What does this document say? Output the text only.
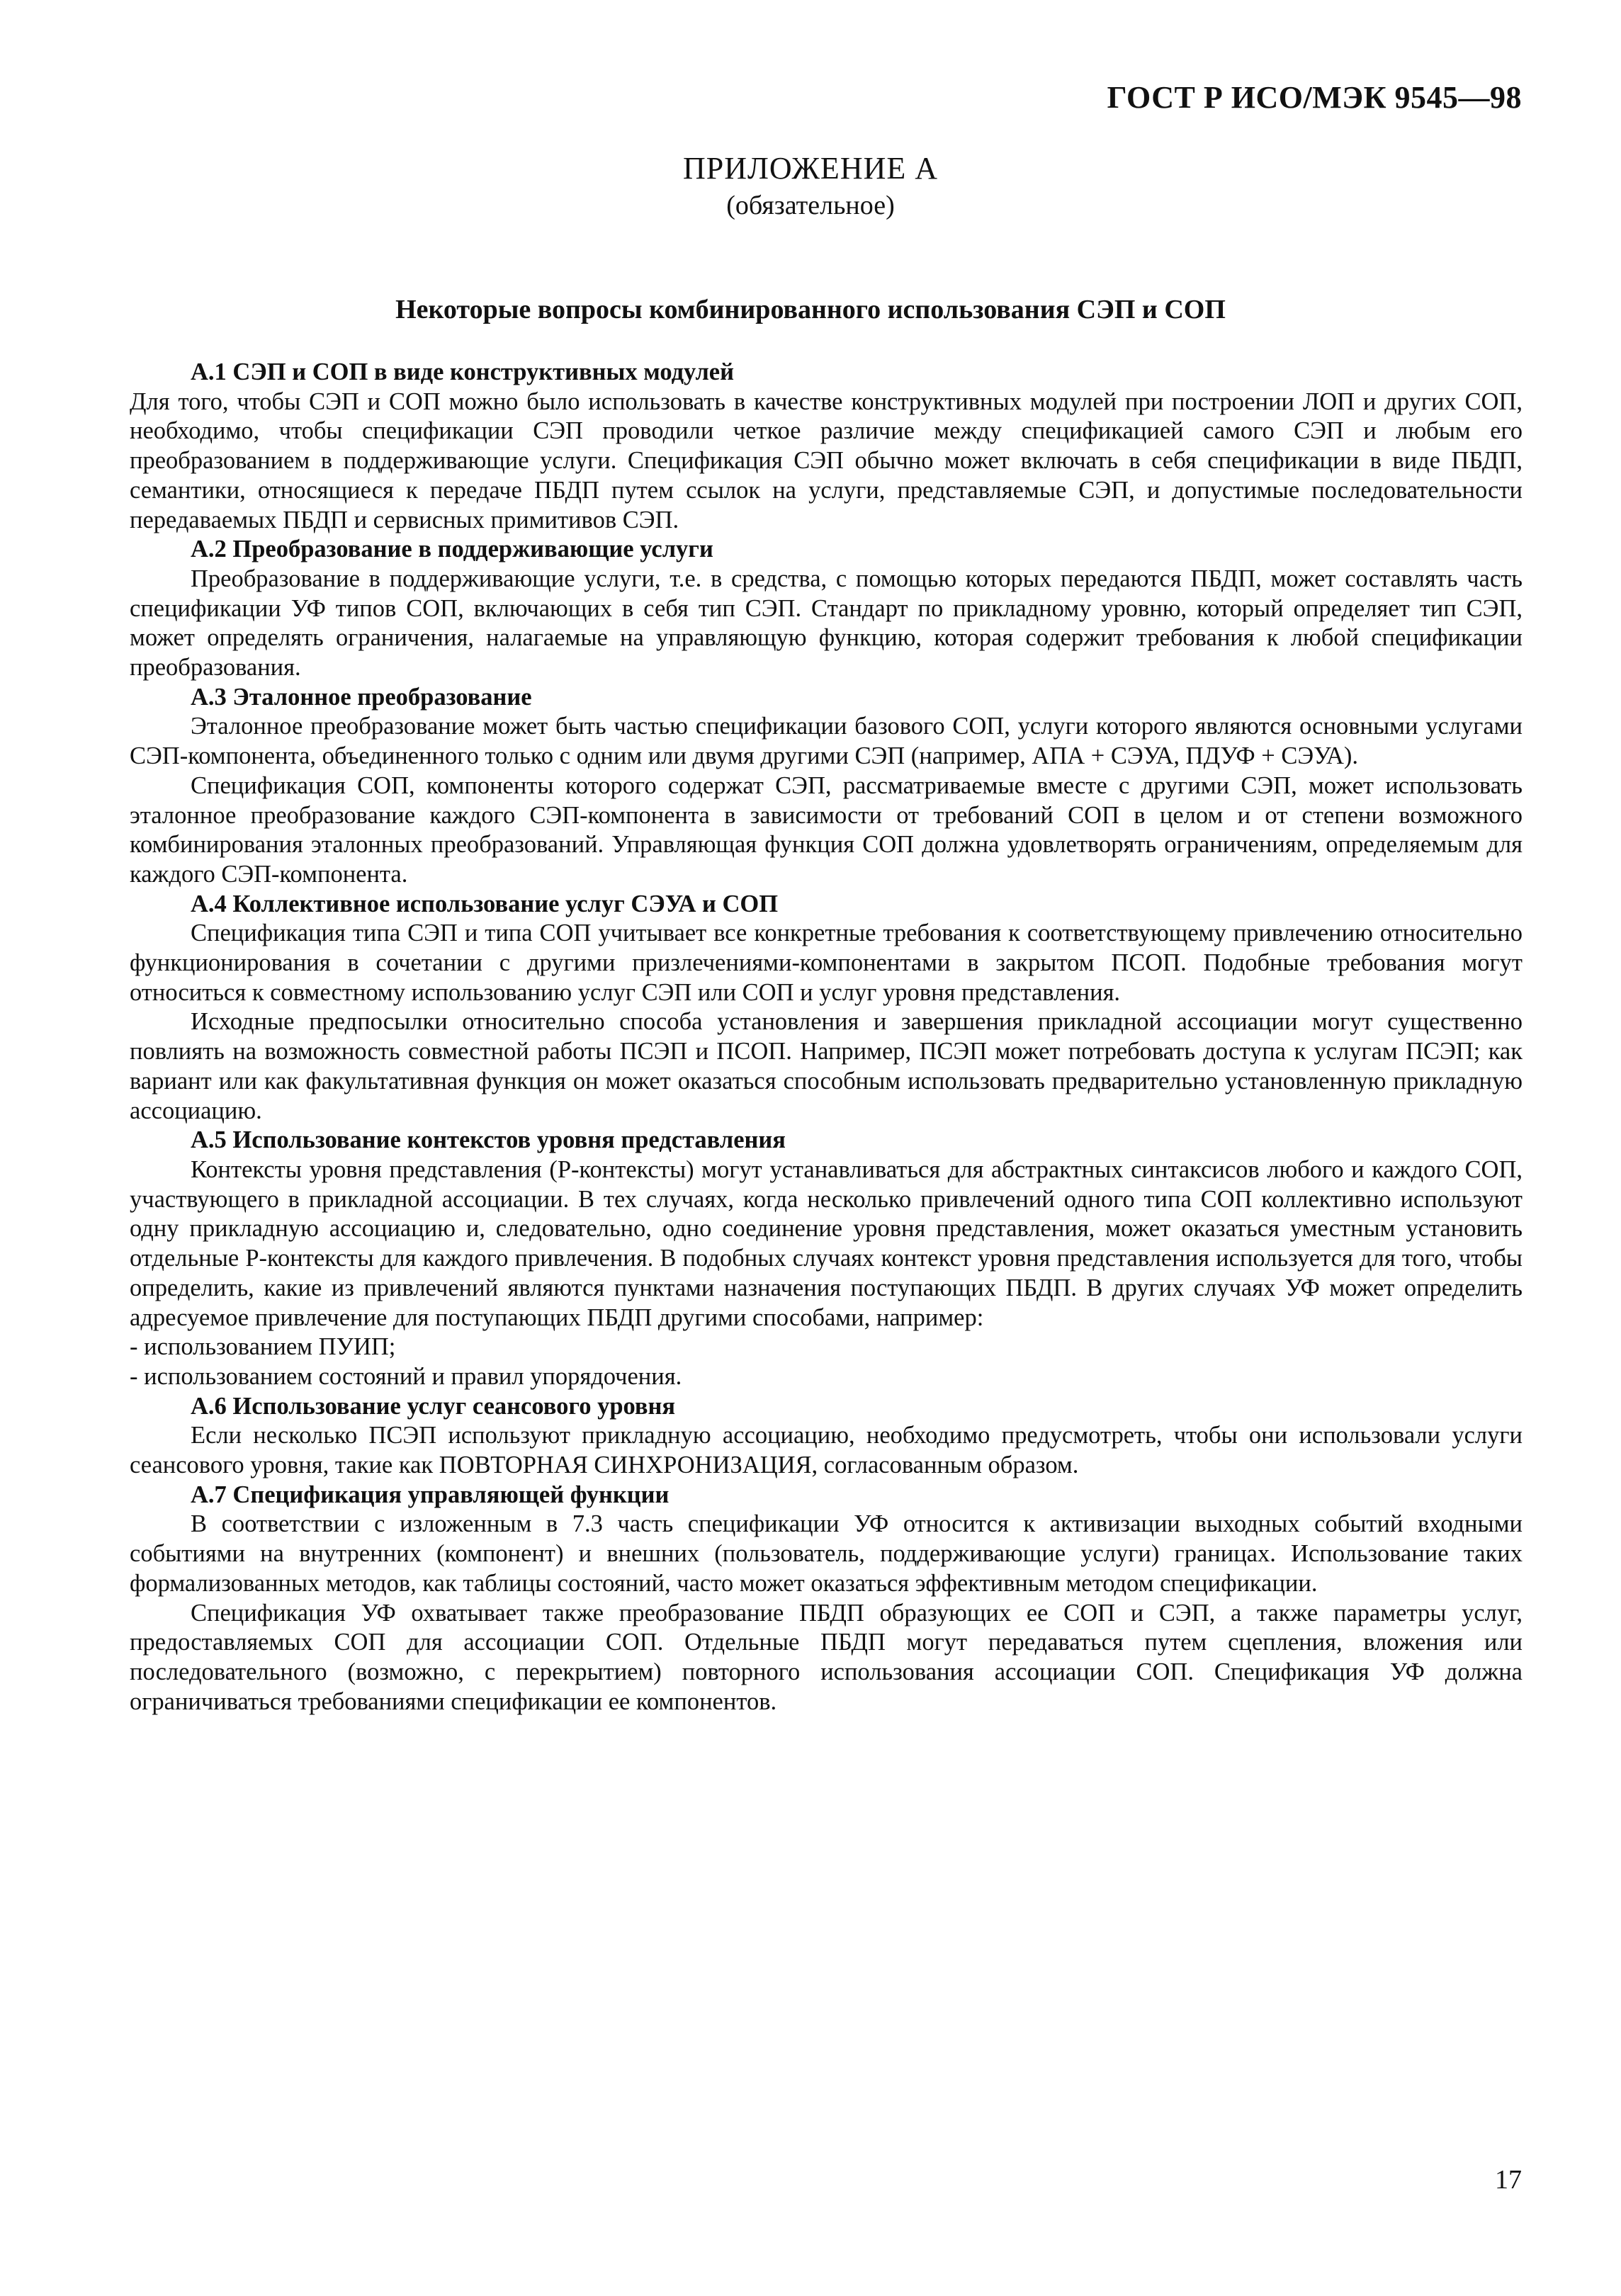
ГОСТ Р ИСО/МЭК 9545—98
ПРИЛОЖЕНИЕ А
(обязательное)
Некоторые вопросы комбинированного использования СЭП и СОП
А.1 СЭП и СОП в виде конструктивных модулей

Для того, чтобы СЭП и СОП можно было использовать в качестве конструктивных модулей при построении ЛОП и других СОП, необходимо, чтобы спецификации СЭП проводили четкое различие между спецификацией самого СЭП и любым его преобразованием в поддерживающие услуги. Спецификация СЭП обычно может включать в себя спецификации в виде ПБДП, семантики, относящиеся к передаче ПБДП путем ссылок на услуги, представляемые СЭП, и допустимые последовательности передаваемых ПБДП и сервисных примитивов СЭП.

А.2 Преобразование в поддерживающие услуги

Преобразование в поддерживающие услуги, т.е. в средства, с помощью которых передаются ПБДП, может составлять часть спецификации УФ типов СОП, включающих в себя тип СЭП. Стандарт по прикладному уровню, который определяет тип СЭП, может определять ограничения, налагаемые на управляющую функцию, которая содержит требования к любой спецификации преобразования.

А.3 Эталонное преобразование

Эталонное преобразование может быть частью спецификации базового СОП, услуги которого являются основными услугами СЭП-компонента, объединенного только с одним или двумя другими СЭП (например, АПА + СЭУА, ПДУФ + СЭУА).

Спецификация СОП, компоненты которого содержат СЭП, рассматриваемые вместе с другими СЭП, может использовать эталонное преобразование каждого СЭП-компонента в зависимости от требований СОП в целом и от степени возможного комбинирования эталонных преобразований. Управляющая функция СОП должна удовлетворять ограничениям, определяемым для каждого СЭП-компонента.

А.4 Коллективное использование услуг СЭУА и СОП

Спецификация типа СЭП и типа СОП учитывает все конкретные требования к соответствующему привлечению относительно функционирования в сочетании с другими призлечениями-компонентами в закрытом ПСОП. Подобные требования могут относиться к совместному использованию услуг СЭП или СОП и услуг уровня представления.

Исходные предпосылки относительно способа установления и завершения прикладной ассоциации могут существенно повлиять на возможность совместной работы ПСЭП и ПСОП. Например, ПСЭП может потребовать доступа к услугам ПСЭП; как вариант или как факультативная функция он может оказаться способным использовать предварительно установленную прикладную ассоциацию.

А.5 Использование контекстов уровня представления

Контексты уровня представления (Р-контексты) могут устанавливаться для абстрактных синтаксисов любого и каждого СОП, участвующего в прикладной ассоциации. В тех случаях, когда несколько привлечений одного типа СОП коллективно используют одну прикладную ассоциацию и, следовательно, одно соединение уровня представления, может оказаться уместным установить отдельные Р-контексты для каждого привлечения. В подобных случаях контекст уровня представления используется для того, чтобы определить, какие из привлечений являются пунктами назначения поступающих ПБДП. В других случаях УФ может определить адресуемое привлечение для поступающих ПБДП другими способами, например:

- использованием ПУИП;

- использованием состояний и правил упорядочения.

А.6 Использование услуг сеансового уровня

Если несколько ПСЭП используют прикладную ассоциацию, необходимо предусмотреть, чтобы они использовали услуги сеансового уровня, такие как ПОВТОРНАЯ СИНХРОНИЗАЦИЯ, согласованным образом.

А.7 Спецификация управляющей функции

В соответствии с изложенным в 7.3 часть спецификации УФ относится к активизации выходных событий входными событиями на внутренних (компонент) и внешних (пользователь, поддерживающие услуги) границах. Использование таких формализованных методов, как таблицы состояний, часто может оказаться эффективным методом спецификации.

Спецификация УФ охватывает также преобразование ПБДП образующих ее СОП и СЭП, а также параметры услуг, предоставляемых СОП для ассоциации СОП. Отдельные ПБДП могут передаваться путем сцепления, вложения или последовательного (возможно, с перекрытием) повторного использования ассоциации СОП. Спецификация УФ должна ограничиваться требованиями спецификации ее компонентов.

17
